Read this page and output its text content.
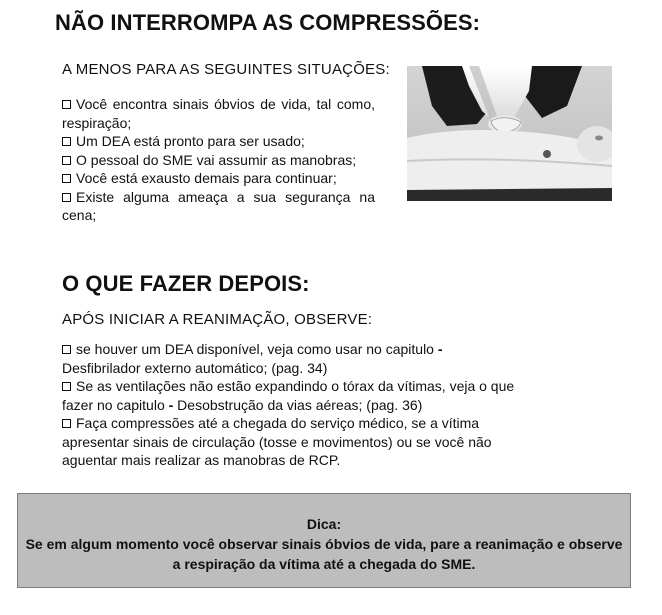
NÃO INTERROMPA AS COMPRESSÕES:
A MENOS PARA AS SEGUINTES SITUAÇÕES:
Você encontra sinais óbvios de vida, tal como, respiração;
Um DEA está pronto para ser usado;
O pessoal do SME vai assumir as manobras;
Você está exausto demais para continuar;
Existe alguma ameaça a sua segurança na cena;
O QUE FAZER DEPOIS:
APÓS INICIAR A REANIMAÇÃO, OBSERVE:
se houver um DEA disponível, veja como usar no capitulo -
Desfibrilador externo automático; (pag. 34)
Se as ventilações não estão expandindo o tórax da vítimas, veja o que fazer no capitulo - Desobstrução da vias aéreas; (pag. 36)
Faça compressões até a chegada do serviço médico, se a vítima apresentar sinais de circulação (tosse e movimentos) ou se você não aguentar mais realizar as manobras de RCP.
Dica:
Se em algum momento você observar sinais óbvios de vida, pare a reanimação e observe
a respiração da vítima até a chegada do SME.
